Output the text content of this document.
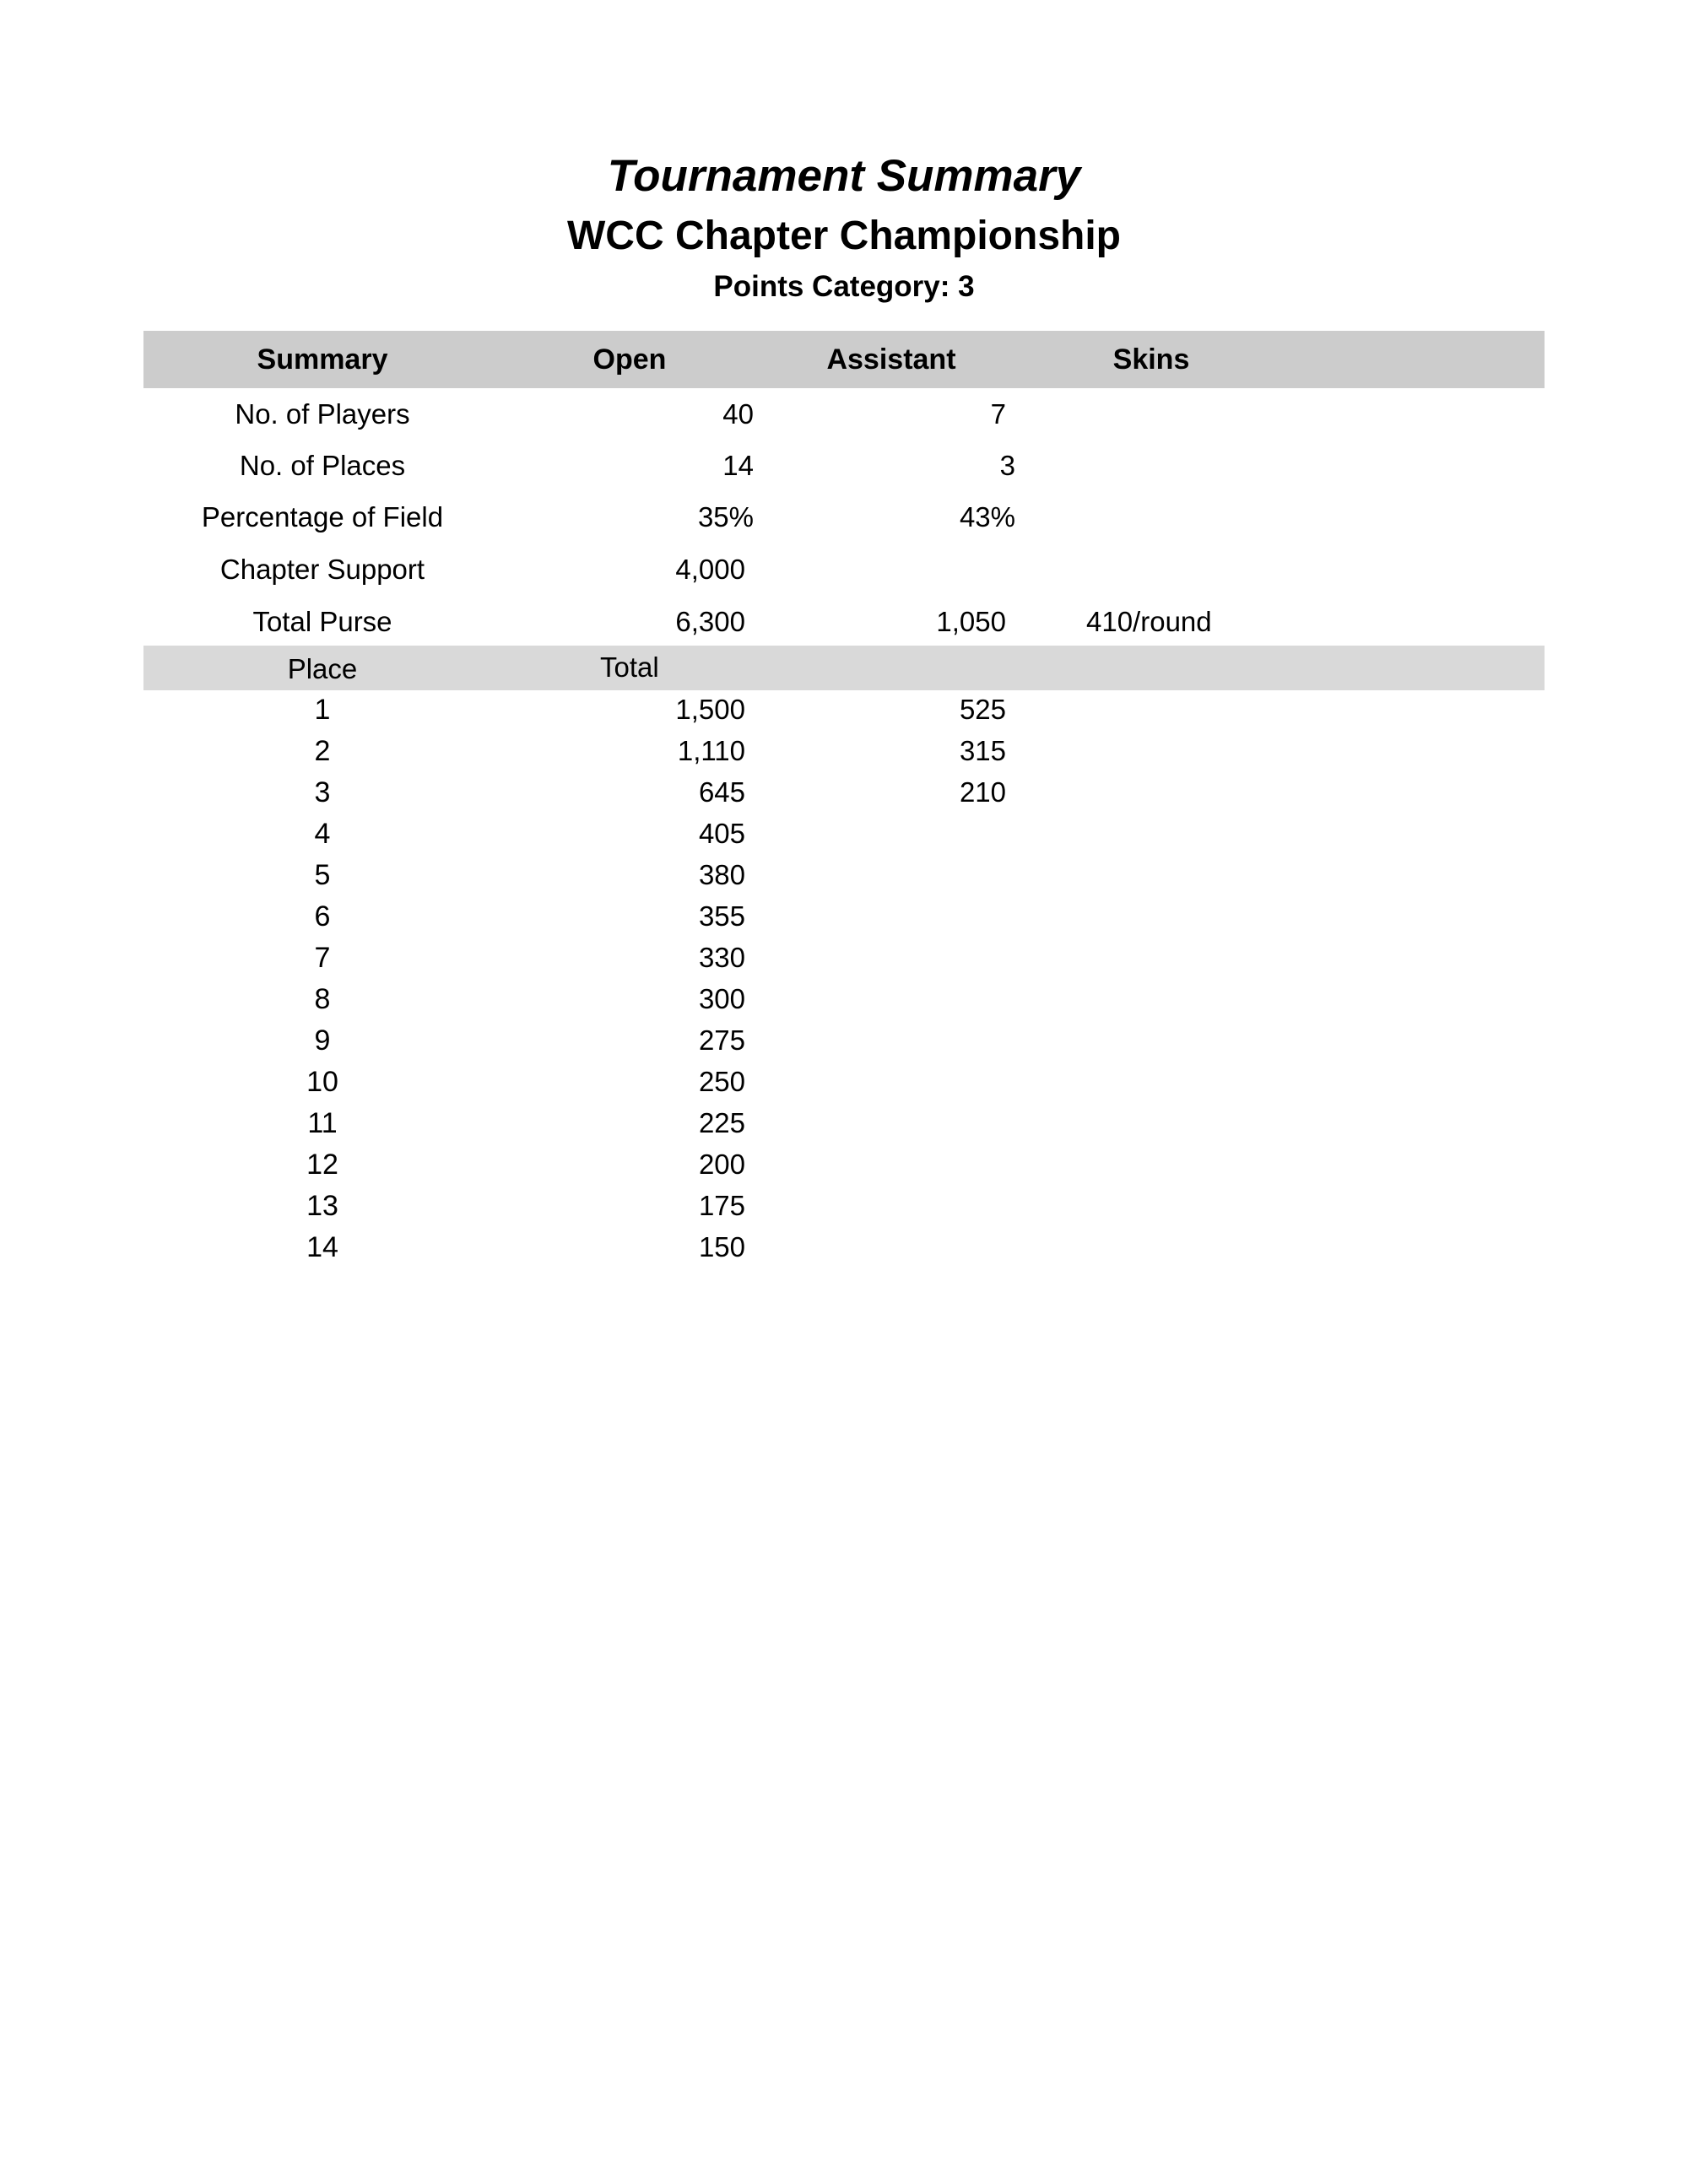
Tournament Summary
WCC Chapter Championship
Points Category: 3
Summary	Open	Assistant	Skins
No. of Players	40	7
No. of Places	14	3
Percentage of Field	35%	43%
Chapter Support	4,000
Total Purse	6,300	1,050	410/round
Place	Total
1	1,500	525
2	1,110	315
3	645	210
4	405
5	380
6	355
7	330
8	300
9	275
10	250
11	225
12	200
13	175
14	150
